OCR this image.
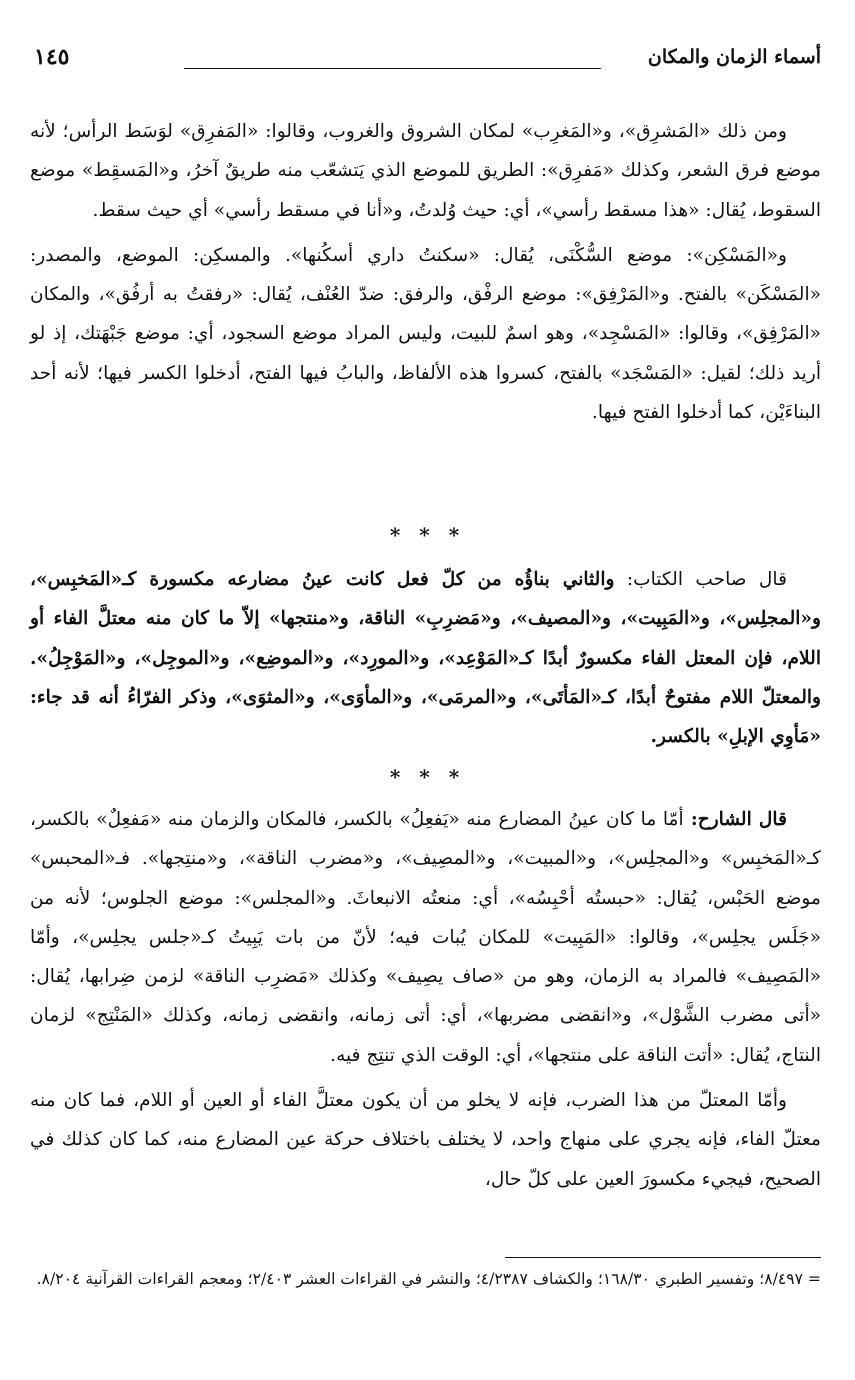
أسماء الزمان والمكان
١٤٥

ومن ذلك «المَشرِق»، و«المَغرِب» لمكان الشروق والغروب، وقالوا: «المَفرِق» لوَسَط الرأس؛ لأنه موضع فرق الشعر، وكذلك «مَفرِق»: الطريق للموضع الذي يَتشعّب منه طريقٌ آخرُ، و«المَسقِط» موضع السقوط، يُقال: «هذا مسقط رأسي»، أي: حيث وُلدتُ، و«أنا في مسقط رأسي» أي حيث سقط.

و«المَسْكِن»: موضع السُّكْنَى، يُقال: «سكنتُ داري أسكُنها». والمسكِن: الموضع، والمصدر: «المَسْكَن» بالفتح. و«المَرْفِق»: موضع الرفْق، والرفق: ضدّ العُنْف، يُقال: «رفقتُ به أرفُق»، والمكان «المَرْفِق»، وقالوا: «المَسْجِد»، وهو اسمٌ للبيت، وليس المراد موضع السجود، أي: موضع جَبْهَتك، إذ لو أريد ذلك؛ لقيل: «المَسْجَد» بالفتح، كسروا هذه الألفاظ، والبابُ فيها الفتح، أدخلوا الكسر فيها؛ لأنه أحد البناءَيْن، كما أدخلوا الفتح فيها.

* * *

قال صاحب الكتاب: والثاني بناؤُه من كلّ فعل كانت عينُ مضارعه مكسورة كـ«المَخبِس»، و«المجلِس»، و«المَبِيت»، و«المصيف»، و«مَضرِبِ» الناقة، و«منتجها» إلاّ ما كان منه معتلَّ الفاء أو اللام، فإن المعتل الفاء مكسورٌ أبدًا كـ«المَوْعِد»، و«المورِد»، و«الموضِع»، و«الموجِل»، و«المَوْجِلُ». والمعتلّ اللام مفتوحٌ أبدًا، كـ«المَأتَى»، و«المرمَى»، و«المأوَى»، و«المثوَى»، وذكر الفرّاءُ أنه قد جاء: «مَأوِي الإبلِ» بالكسر.

* * *

قال الشارح: أمّا ما كان عينُ المضارع منه «يَفعِلُ» بالكسر، فالمكان والزمان منه «مَفعِلٌ» بالكسر، كـ«المَخبِس» و«المجلِس»، و«المبيت»، و«المصِيف»، و«مضرب الناقة»، و«منتِجها». فـ«المحبس» موضع الحَبْس، يُقال: «حبستُه أحْبِسُه»، أي: منعتُه الانبعاثَ. و«المجلس»: موضع الجلوس؛ لأنه من «جَلَس يجلِس»، وقالوا: «المَبِيت» للمكان يُبات فيه؛ لأنّ من بات يَبِيتُ كـ«جلس يجلِس»، وأمّا «المَصِيف» فالمراد به الزمان، وهو من «صاف يصِيف» وكذلك «مَضرِب الناقة» لزمن ضِرابها، يُقال: «أتى مضرب الشَّوْل»، و«انقضى مضربها»، أي: أتى زمانه، وانقضى زمانه، وكذلك «المَنْتِج» لزمان النتاج، يُقال: «أتت الناقة على منتجها»، أي: الوقت الذي تنتِج فيه.

وأمّا المعتلّ من هذا الضرب، فإنه لا يخلو من أن يكون معتلَّ الفاء أو العين أو اللام، فما كان منه معتلّ الفاء، فإنه يجري على منهاج واحد، لا يختلف باختلاف حركة عين المضارع منه، كما كان كذلك في الصحيح، فيجيء مكسورَ العين على كلّ حال،

= ٨/٤٩٧؛ وتفسير الطبري ١٦٨/٣٠؛ والكشاف ٤/٢٣٨٧؛ والنشر في القراءات العشر ٢/٤٠٣؛ ومعجم القراءات القرآنية ٨/٢٠٤.
